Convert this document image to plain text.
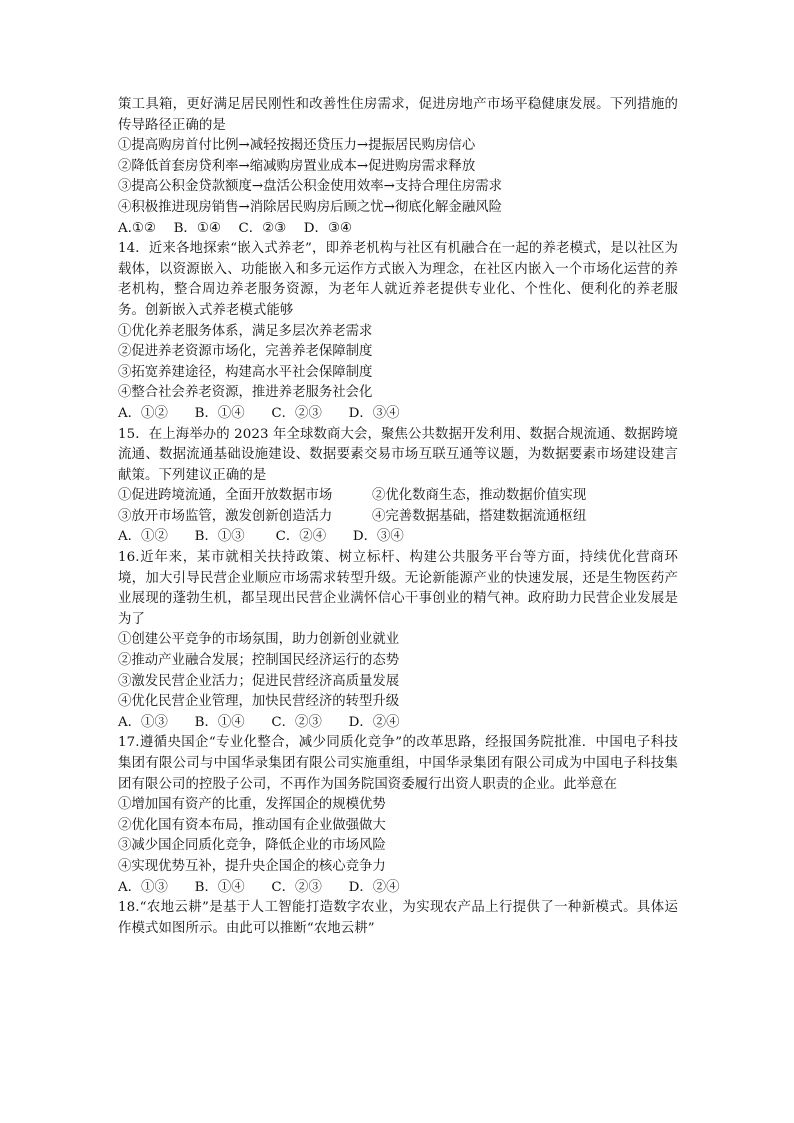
策工具箱，更好满足居民刚性和改善性住房需求，促进房地产市场平稳健康发展。下列措施的传导路径正确的是

①提高购房首付比例→减轻按揭还贷压力→提振居民购房信心

②降低首套房贷利率→缩减购房置业成本→促进购房需求释放

③提高公积金贷款额度→盘活公积金使用效率→支持合理住房需求

④积极推进现房销售→消除居民购房后顾之忧→彻底化解金融风险

A.①②　 B．①④　 C．②③　 D．③④

14．近来各地探索“嵌入式养老”，即养老机构与社区有机融合在一起的养老模式，是以社区为载体，以资源嵌入、功能嵌入和多元运作方式嵌入为理念，在社区内嵌入一个市场化运营的养老机构，整合周边养老服务资源，为老年人就近养老提供专业化、个性化、便利化的养老服务。创新嵌入式养老模式能够

①优化养老服务体系，满足多层次养老需求

②促进养老资源市场化，完善养老保障制度

③拓宽养建途径，构建高水平社会保障制度

④整合社会养老资源，推进养老服务社会化

A．①②　　B．①④　　C．②③　　D．③④

15．在上海举办的 2023 年全球数商大会，聚焦公共数据开发利用、数据合规流通、数据跨境流通、数据流通基础设施建设、数据要素交易市场互联互通等议题，为数据要素市场建设建言献策。下列建议正确的是

①促进跨境流通，全面开放数据市场	②优化数商生态，推动数据价值实现
③放开市场监管，激发创新创造活力	④完善数据基础，搭建数据流通枢纽

A．①②　　B．①③　　 C．②④　　D．③④

16.近年来，某市就相关扶持政策、树立标杆、构建公共服务平台等方面，持续优化营商环境，加大引导民营企业顺应市场需求转型升级。无论新能源产业的快速发展，还是生物医药产业展现的蓬勃生机，都呈现出民营企业满怀信心干事创业的精气神。政府助力民营企业发展是为了

①创建公平竞争的市场氛围，助力创新创业就业

②推动产业融合发展；控制国民经济运行的态势

③激发民营企业活力；促进民营经济高质量发展

④优化民营企业管理，加快民营经济的转型升级

A．①③　　B．①④　　C．②③　　D．②④

17.遵循央国企“专业化整合，减少同质化竞争”的改革思路，经报国务院批准．中国电子科技集团有限公司与中国华录集团有限公司实施重组，中国华录集团有限公司成为中国电子科技集团有限公司的控股子公司，不再作为国务院国资委履行出资人职责的企业。此举意在

①增加国有资产的比重，发挥国企的规模优势

②优化国有资本布局，推动国有企业做强做大

③减少国企同质化竞争，降低企业的市场风险

④实现优势互补，提升央企国企的核心竞争力

A．①③　　B．①④　　C．②③　　D．②④

18.“农地云耕”是基于人工智能打造数字农业，为实现农产品上行提供了一种新模式。具体运作模式如图所示。由此可以推断“农地云耕”
